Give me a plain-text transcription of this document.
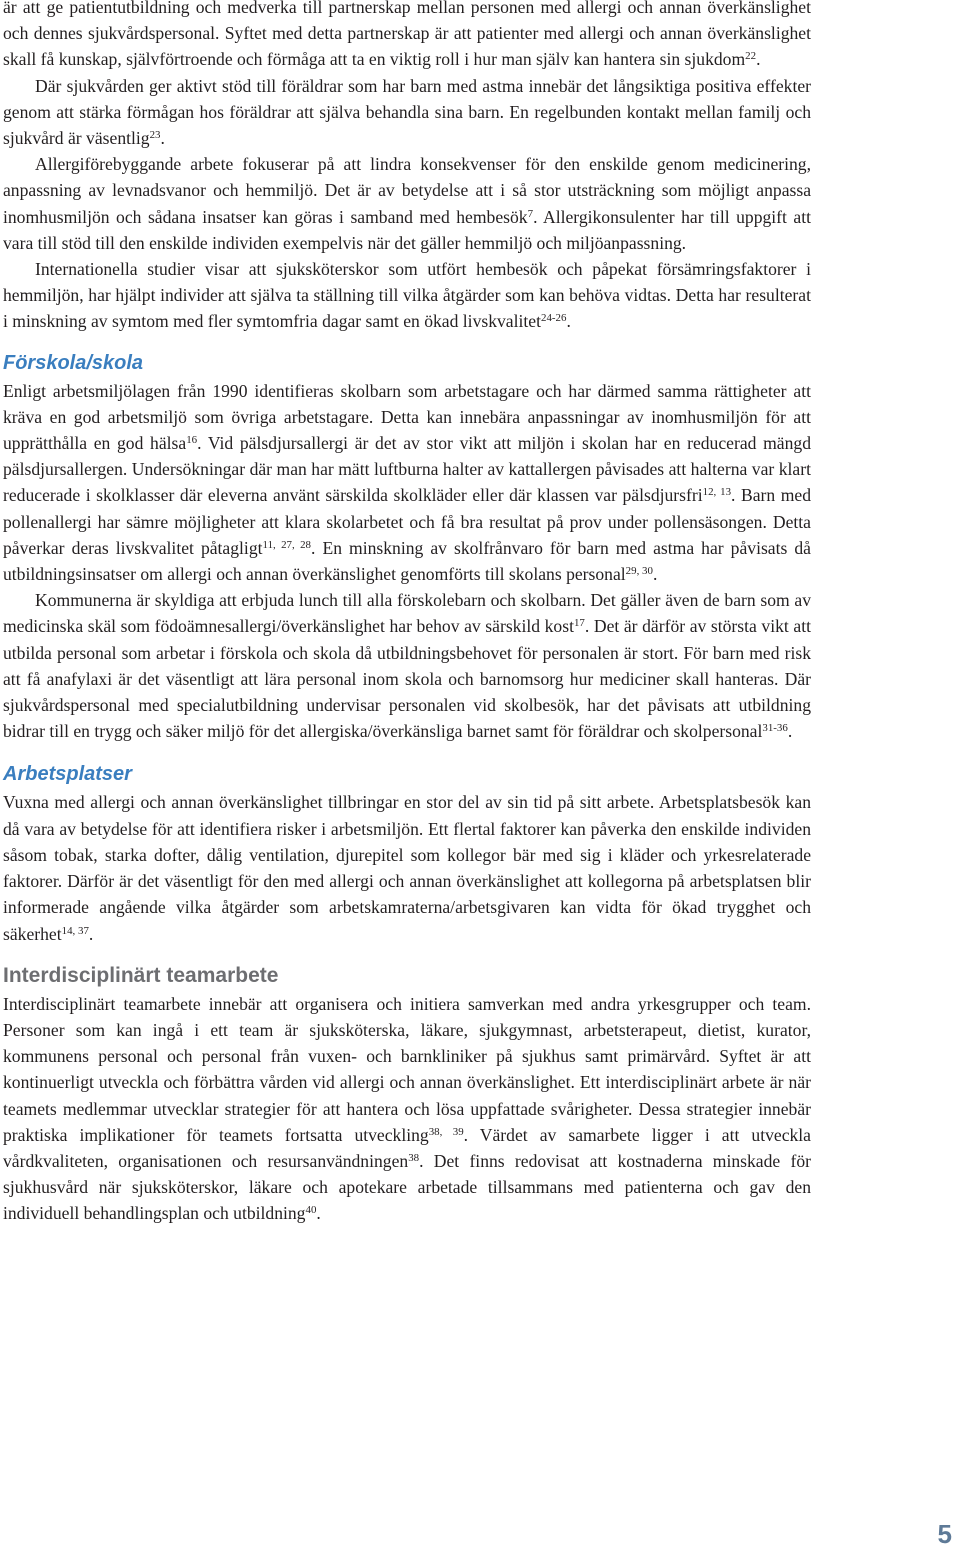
är att ge patientutbildning och medverka till partnerskap mellan personen med allergi och annan överkänslighet och dennes sjukvårdspersonal. Syftet med detta partnerskap är att patienter med allergi och annan överkänslighet skall få kunskap, självförtroende och förmåga att ta en viktig roll i hur man själv kan hantera sin sjukdom$^{22}$.

Där sjukvården ger aktivt stöd till föräldrar som har barn med astma innebär det långsiktiga positiva effekter genom att stärka förmågan hos föräldrar att själva behandla sina barn. En regelbunden kontakt mellan familj och sjukvård är väsentlig$^{23}$.

Allergiförebyggande arbete fokuserar på att lindra konsekvenser för den enskilde genom medicinering, anpassning av levnadsvanor och hemmiljö. Det är av betydelse att i så stor utsträckning som möjligt anpassa inomhusmiljön och sådana insatser kan göras i samband med hembesök$^7$. Allergikonsulenter har till uppgift att vara till stöd till den enskilde individen exempelvis när det gäller hemmiljö och miljöanpassning.

Internationella studier visar att sjuksköterskor som utfört hembesök och påpekat försämringsfaktorer i hemmiljön, har hjälpt individer att själva ta ställning till vilka åtgärder som kan behöva vidtas. Detta har resulterat i minskning av symtom med fler symtomfria dagar samt en ökad livskvalitet$^{24-26}$.

Förskola/skola

Enligt arbetsmiljölagen från 1990 identifieras skolbarn som arbetstagare och har därmed samma rättigheter att kräva en god arbetsmiljö som övriga arbetstagare. Detta kan innebära anpassningar av inomhusmiljön för att upprätthålla en god hälsa$^{16}$. Vid pälsdjursallergi är det av stor vikt att miljön i skolan har en reducerad mängd pälsdjursallergen. Undersökningar där man har mätt luftburna halter av kattallergen påvisades att halterna var klart reducerade i skolklasser där eleverna använt särskilda skolkläder eller där klassen var pälsdjursfri$^{12, 13}$. Barn med pollenallergi har sämre möjligheter att klara skolarbetet och få bra resultat på prov under pollensäsongen. Detta påverkar deras livskvalitet påtagligt$^{11, 27, 28}$. En minskning av skolfrånvaro för barn med astma har påvisats då utbildningsinsatser om allergi och annan överkänslighet genomförts till skolans personal$^{29, 30}$.

Kommunerna är skyldiga att erbjuda lunch till alla förskolebarn och skolbarn. Det gäller även de barn som av medicinska skäl som födoämnesallergi/överkänslighet har behov av särskild kost$^{17}$. Det är därför av största vikt att utbilda personal som arbetar i förskola och skola då utbildningsbehovet för personalen är stort. För barn med risk att få anafylaxi är det väsentligt att lära personal inom skola och barnomsorg hur mediciner skall hanteras. Där sjukvårdspersonal med specialutbildning undervisar personalen vid skolbesök, har det påvisats att utbildning bidrar till en trygg och säker miljö för det allergiska/överkänsliga barnet samt för föräldrar och skolpersonal$^{31-36}$.

Arbetsplatser

Vuxna med allergi och annan överkänslighet tillbringar en stor del av sin tid på sitt arbete. Arbetsplatsbesök kan då vara av betydelse för att identifiera risker i arbetsmiljön. Ett flertal faktorer kan påverka den enskilde individen såsom tobak, starka dofter, dålig ventilation, djurepitel som kollegor bär med sig i kläder och yrkesrelaterade faktorer. Därför är det väsentligt för den med allergi och annan överkänslighet att kollegorna på arbetsplatsen blir informerade angående vilka åtgärder som arbetskamraterna/arbetsgivaren kan vidta för ökad trygghet och säkerhet$^{14, 37}$.

Interdisciplinärt teamarbete

Interdisciplinärt teamarbete innebär att organisera och initiera samverkan med andra yrkesgrupper och team. Personer som kan ingå i ett team är sjuksköterska, läkare, sjukgymnast, arbetsterapeut, dietist, kurator, kommunens personal och personal från vuxen- och barnkliniker på sjukhus samt primärvård. Syftet är att kontinuerligt utveckla och förbättra vården vid allergi och annan överkänslighet. Ett interdisciplinärt arbete är när teamets medlemmar utvecklar strategier för att hantera och lösa uppfattade svårigheter. Dessa strategier innebär praktiska implikationer för teamets fortsatta utveckling$^{38, 39}$. Värdet av samarbete ligger i att utveckla vårdkvaliteten, organisationen och resursanvändningen$^{38}$. Det finns redovisat att kostnaderna minskade för sjukhusvård när sjuksköterskor, läkare och apotekare arbetade tillsammans med patienterna och gav den individuell behandlingsplan och utbildning$^{40}$.

5
